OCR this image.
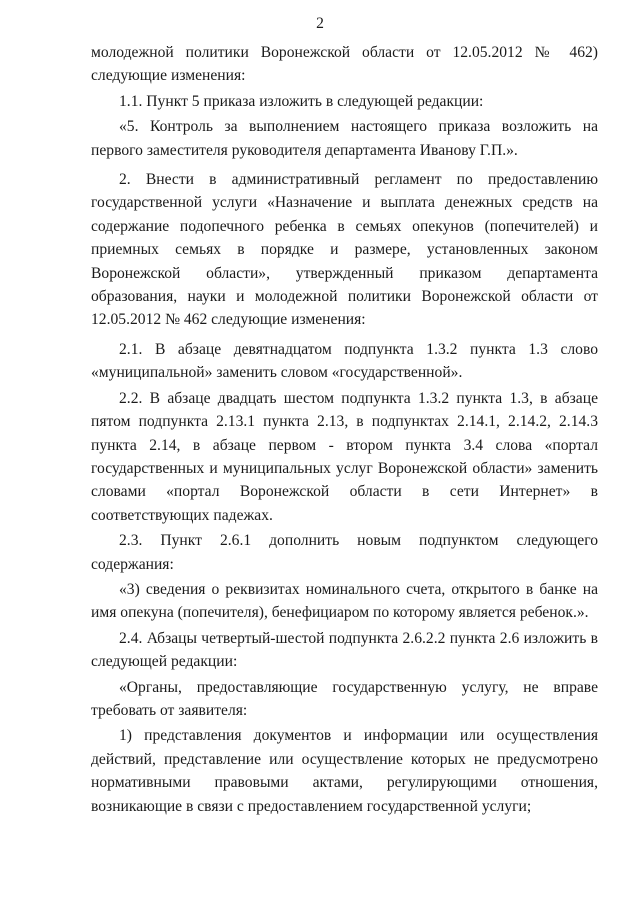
2

молодежной политики Воронежской области от 12.05.2012 № 462) следующие изменения:

1.1. Пункт 5 приказа изложить в следующей редакции:

«5. Контроль за выполнением настоящего приказа возложить на первого заместителя руководителя департамента Иванову Г.П.».

2. Внести в административный регламент по предоставлению государственной услуги «Назначение и выплата денежных средств на содержание подопечного ребенка в семьях опекунов (попечителей) и приемных семьях в порядке и размере, установленных законом Воронежской области», утвержденный приказом департамента образования, науки и молодежной политики Воронежской области от 12.05.2012 № 462 следующие изменения:

2.1. В абзаце девятнадцатом подпункта 1.3.2 пункта 1.3 слово «муниципальной» заменить словом «государственной».

2.2. В абзаце двадцать шестом подпункта 1.3.2 пункта 1.3, в абзаце пятом подпункта 2.13.1 пункта 2.13, в подпунктах 2.14.1, 2.14.2, 2.14.3 пункта 2.14, в абзаце первом - втором пункта 3.4 слова «портал государственных и муниципальных услуг Воронежской области» заменить словами «портал Воронежской области в сети Интернет» в соответствующих падежах.

2.3. Пункт 2.6.1 дополнить новым подпунктом следующего содержания:

«3) сведения о реквизитах номинального счета, открытого в банке на имя опекуна (попечителя), бенефициаром по которому является ребенок.».

2.4. Абзацы четвертый-шестой подпункта 2.6.2.2 пункта 2.6 изложить в следующей редакции:

«Органы, предоставляющие государственную услугу, не вправе требовать от заявителя:

1) представления документов и информации или осуществления действий, представление или осуществление которых не предусмотрено нормативными правовыми актами, регулирующими отношения, возникающие в связи с предоставлением государственной услуги;
